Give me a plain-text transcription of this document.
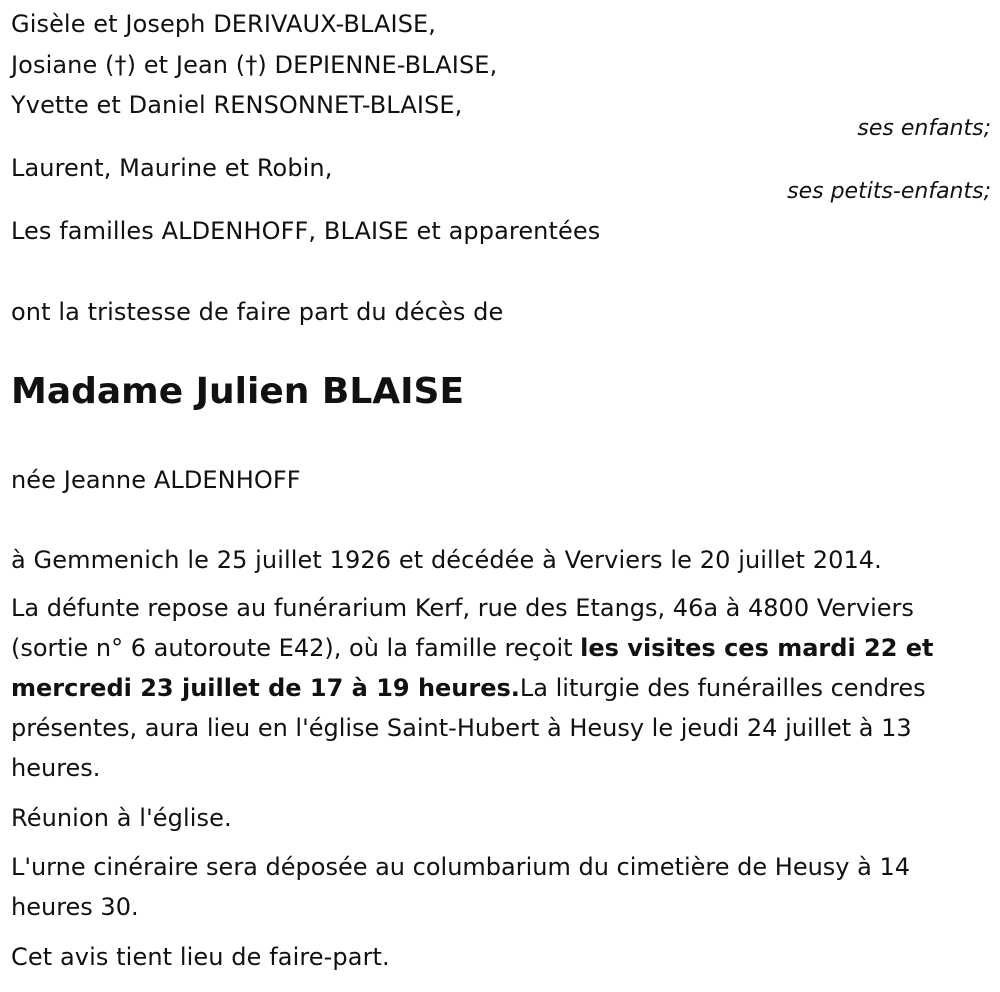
Gisèle et Joseph DERIVAUX-BLAISE,
Josiane (†) et Jean (†) DEPIENNE-BLAISE,
Yvette et Daniel RENSONNET-BLAISE,
ses enfants;
Laurent, Maurine et Robin,
ses petits-enfants;
Les familles ALDENHOFF, BLAISE et apparentées
ont la tristesse de faire part du décès de
Madame Julien BLAISE
née Jeanne ALDENHOFF
à Gemmenich le 25 juillet 1926 et décédée à Verviers le 20 juillet 2014.
La défunte repose au funérarium Kerf, rue des Etangs, 46a à 4800 Verviers (sortie n° 6 autoroute E42), où la famille reçoit les visites ces mardi 22 et mercredi 23 juillet de 17 à 19 heures.La liturgie des funérailles cendres présentes, aura lieu en l'église Saint-Hubert à Heusy le jeudi 24 juillet à 13 heures.
Réunion à l'église.
L'urne cinéraire sera déposée au columbarium du cimetière de Heusy à 14 heures 30.
Cet avis tient lieu de faire-part.
